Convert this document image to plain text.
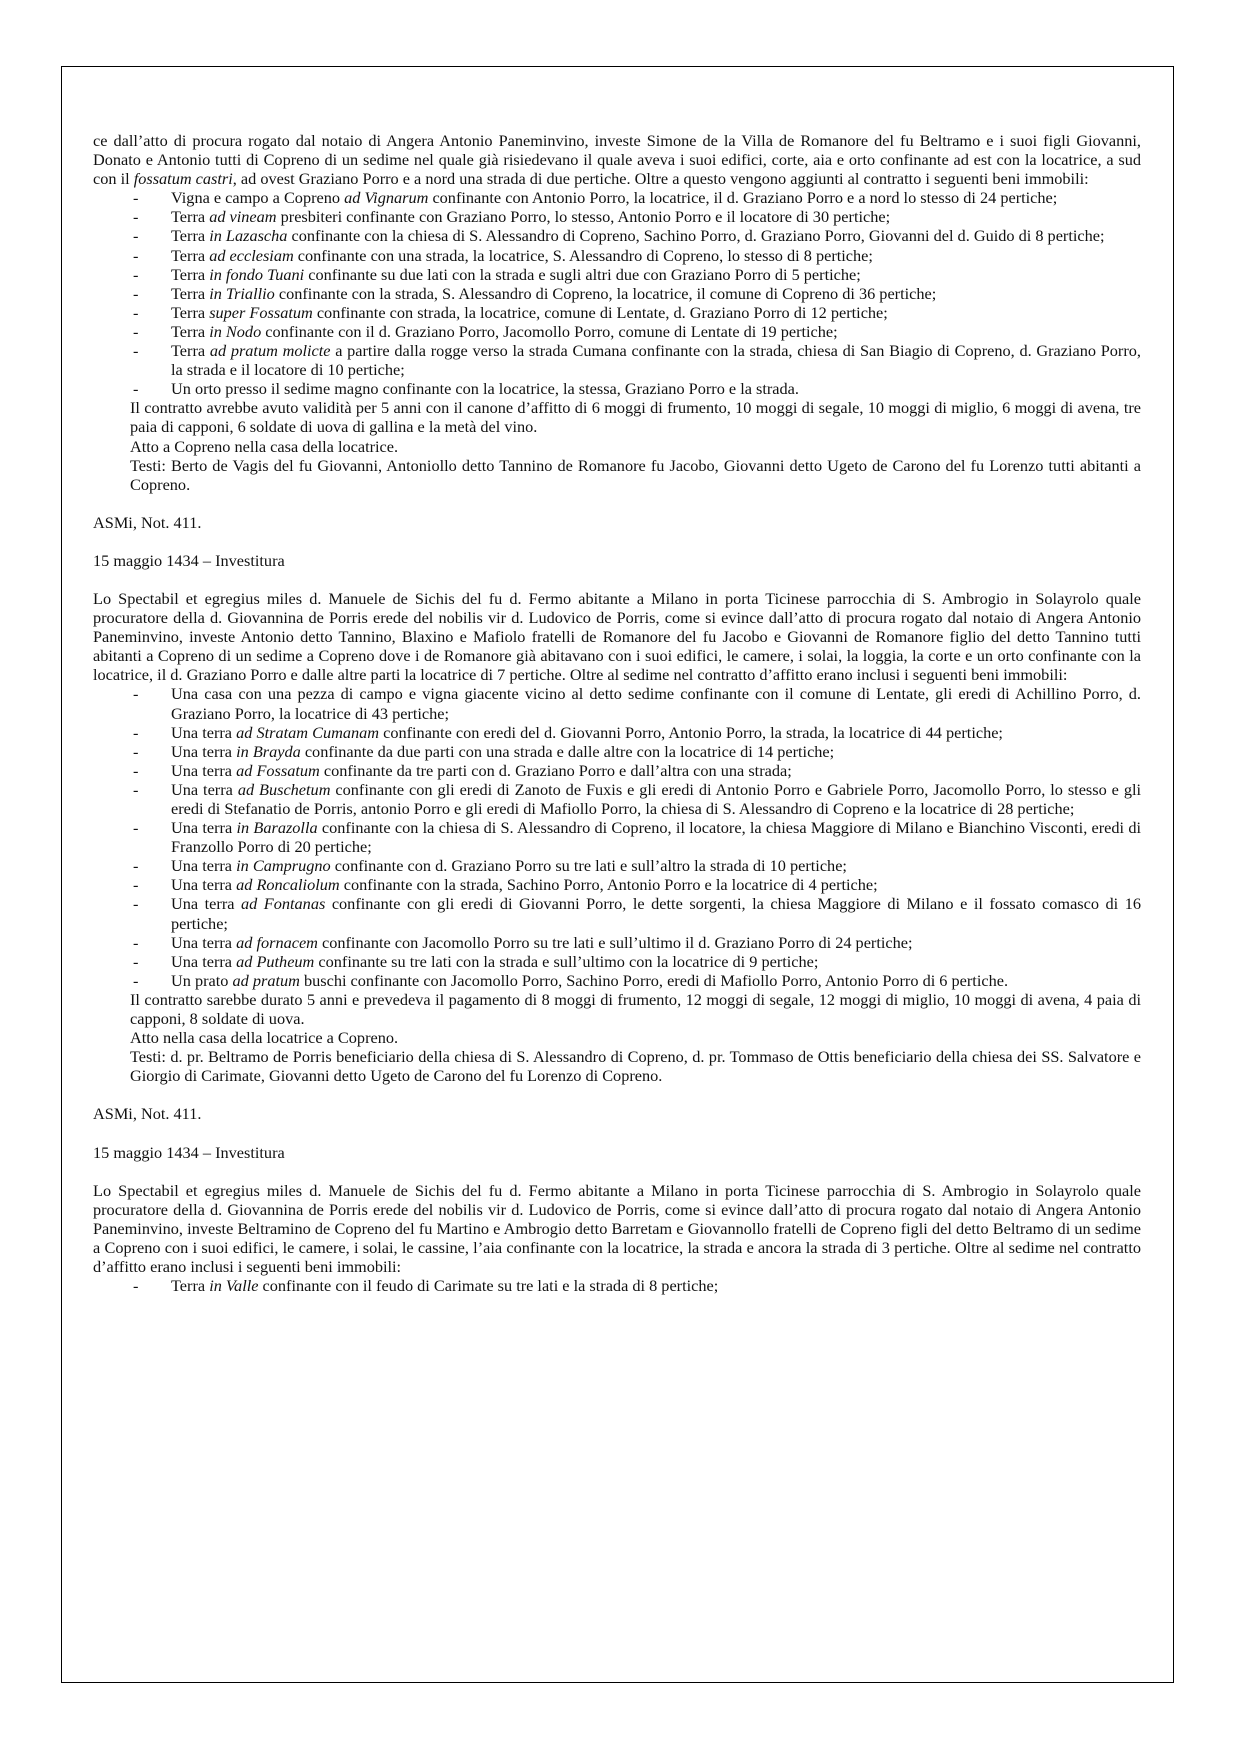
ce dall’atto di procura rogato dal notaio di Angera Antonio Paneminvino, investe Simone de la Villa de Romanore del fu Beltramo e i suoi figli Giovanni, Donato e Antonio tutti di Copreno di un sedime nel quale già risiedevano il quale aveva i suoi edifici, corte, aia e orto confinante ad est con la locatrice, a sud con il fossatum castri, ad ovest Graziano Porro e a nord una strada di due pertiche. Oltre a questo vengono aggiunti al contratto i seguenti beni immobili:

- Vigna e campo a Copreno ad Vignarum confinante con Antonio Porro, la locatrice, il d. Graziano Porro e a nord lo stesso di 24 pertiche;
- Terra ad vineam presbiteri confinante con Graziano Porro, lo stesso, Antonio Porro e il locatore di 30 pertiche;
- Terra in Lazascha confinante con la chiesa di S. Alessandro di Copreno, Sachino Porro, d. Graziano Porro, Giovanni del d. Guido di 8 pertiche;
- Terra ad ecclesiam confinante con una strada, la locatrice, S. Alessandro di Copreno, lo stesso di 8 pertiche;
- Terra in fondo Tuani confinante su due lati con la strada e sugli altri due con Graziano Porro di 5 pertiche;
- Terra in Triallio confinante con la strada, S. Alessandro di Copreno, la locatrice, il comune di Copreno di 36 pertiche;
- Terra super Fossatum confinante con strada, la locatrice, comune di Lentate, d. Graziano Porro di 12 pertiche;
- Terra in Nodo confinante con il d. Graziano Porro, Jacomollo Porro, comune di Lentate di 19 pertiche;
- Terra ad pratum molicte a partire dalla rogge verso la strada Cumana confinante con la strada, chiesa di San Biagio di Copreno, d. Graziano Porro, la strada e il locatore di 10 pertiche;
- Un orto presso il sedime magno confinante con la locatrice, la stessa, Graziano Porro e la strada.

Il contratto avrebbe avuto validità per 5 anni con il canone d’affitto di 6 moggi di frumento, 10 moggi di segale, 10 moggi di miglio, 6 moggi di avena, tre paia di capponi, 6 soldate di uova di gallina e la metà del vino.

Atto a Copreno nella casa della locatrice.

Testi: Berto de Vagis del fu Giovanni, Antoniollo detto Tannino de Romanore fu Jacobo, Giovanni detto Ugeto de Carono del fu Lorenzo tutti abitanti a Copreno.

ASMi, Not. 411.

15 maggio 1434 – Investitura

Lo Spectabil et egregius miles d. Manuele de Sichis del fu d. Fermo abitante a Milano in porta Ticinese parrocchia di S. Ambrogio in Solayrolo quale procuratore della d. Giovannina de Porris erede del nobilis vir d. Ludovico de Porris, come si evince dall’atto di procura rogato dal notaio di Angera Antonio Paneminvino, investe Antonio detto Tannino, Blaxino e Mafiolo fratelli de Romanore del fu Jacobo e Giovanni de Romanore figlio del detto Tannino tutti abitanti a Copreno di un sedime a Copreno dove i de Romanore già abitavano con i suoi edifici, le camere, i solai, la loggia, la corte e un orto confinante con la locatrice, il d. Graziano Porro e dalle altre parti la locatrice di 7 pertiche. Oltre al sedime nel contratto d’affitto erano inclusi i seguenti beni immobili:

- Una casa con una pezza di campo e vigna giacente vicino al detto sedime confinante con il comune di Lentate, gli eredi di Achillino Porro, d. Graziano Porro, la locatrice di 43 pertiche;
- Una terra ad Stratam Cumanam confinante con eredi del d. Giovanni Porro, Antonio Porro, la strada, la locatrice di 44 pertiche;
- Una terra in Brayda confinante da due parti con una strada e dalle altre con la locatrice di 14 pertiche;
- Una terra ad Fossatum confinante da tre parti con d. Graziano Porro e dall’altra con una strada;
- Una terra ad Buschetum confinante con gli eredi di Zanoto de Fuxis e gli eredi di Antonio Porro e Gabriele Porro, Jacomollo Porro, lo stesso e gli eredi di Stefanatio de Porris, antonio Porro e gli eredi di Mafiollo Porro, la chiesa di S. Alessandro di Copreno e la locatrice di 28 pertiche;
- Una terra in Barazolla confinante con la chiesa di S. Alessandro di Copreno, il locatore, la chiesa Maggiore di Milano e Bianchino Visconti, eredi di Franzollo Porro di 20 pertiche;
- Una terra in Camprugno confinante con d. Graziano Porro su tre lati e sull’altro la strada di 10 pertiche;
- Una terra ad Roncaliolum confinante con la strada, Sachino Porro, Antonio Porro e la locatrice di 4 pertiche;
- Una terra ad Fontanas confinante con gli eredi di Giovanni Porro, le dette sorgenti, la chiesa Maggiore di Milano e il fossato comasco di 16 pertiche;
- Una terra ad fornacem confinante con Jacomollo Porro su tre lati e sull’ultimo il d. Graziano Porro di 24 pertiche;
- Una terra ad Putheum confinante su tre lati con la strada e sull’ultimo con la locatrice di 9 pertiche;
- Un prato ad pratum buschi confinante con Jacomollo Porro, Sachino Porro, eredi di Mafiollo Porro, Antonio Porro di 6 pertiche.

Il contratto sarebbe durato 5 anni e prevedeva il pagamento di 8 moggi di frumento, 12 moggi di segale, 12 moggi di miglio, 10 moggi di avena, 4 paia di capponi, 8 soldate di uova.

Atto nella casa della locatrice a Copreno.

Testi: d. pr. Beltramo de Porris beneficiario della chiesa di S. Alessandro di Copreno, d. pr. Tommaso de Ottis beneficiario della chiesa dei SS. Salvatore e Giorgio di Carimate, Giovanni detto Ugeto de Carono del fu Lorenzo di Copreno.

ASMi, Not. 411.

15 maggio 1434 – Investitura

Lo Spectabil et egregius miles d. Manuele de Sichis del fu d. Fermo abitante a Milano in porta Ticinese parrocchia di S. Ambrogio in Solayrolo quale procuratore della d. Giovannina de Porris erede del nobilis vir d. Ludovico de Porris, come si evince dall’atto di procura rogato dal notaio di Angera Antonio Paneminvino, investe Beltramino de Copreno del fu Martino e Ambrogio detto Barretam e Giovannollo fratelli de Copreno figli del detto Beltramo di un sedime a Copreno con i suoi edifici, le camere, i solai, le cassine, l’aia confinante con la locatrice, la strada e ancora la strada di 3 pertiche. Oltre al sedime nel contratto d’affitto erano inclusi i seguenti beni immobili:

- Terra in Valle confinante con il feudo di Carimate su tre lati e la strada di 8 pertiche;
